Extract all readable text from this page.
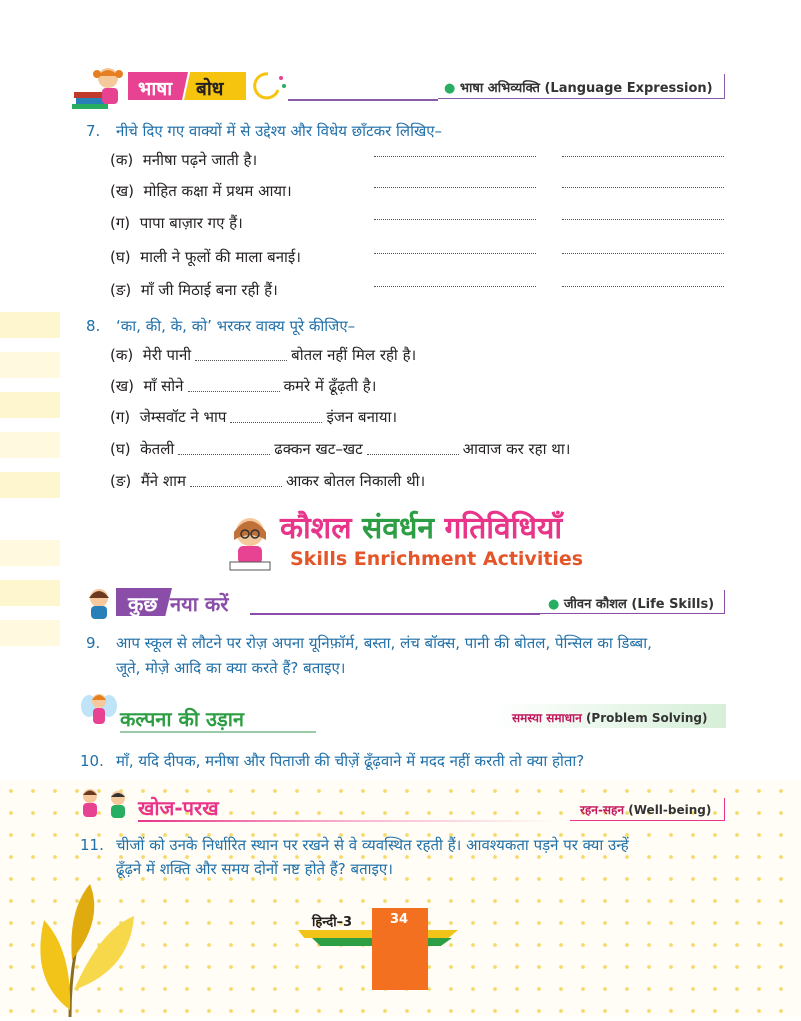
भाषा बोध	● भाषा अभिव्यक्ति (Language Expression)
7. नीचे दिए गए वाक्यों में से उद्देश्य और विधेय छाँटकर लिखिए–
(क) मनीषा पढ़ने जाती है।
(ख) मोहित कक्षा में प्रथम आया।
(ग) पापा बाज़ार गए हैं।
(घ) माली ने फूलों की माला बनाई।
(ङ) माँ जी मिठाई बना रही हैं।
8. ‘का, की, के, को’ भरकर वाक्य पूरे कीजिए–
(क) मेरी पानी	बोतल नहीं मिल रही है।
(ख) माँ सोने	कमरे में ढूँढ़ती है।
(ग) जेम्सवॉट ने भाप	इंजन बनाया।
(घ) केतली	ढक्कन खट–खट	आवाज कर रहा था।
(ङ) मैंने शाम	आकर बोतल निकाली थी।
कौशल संवर्धन गतिविधियाँ
Skills Enrichment Activities
कुछ नया करें	● जीवन कौशल (Life Skills)
9. आप स्कूल से लौटने पर रोज़ अपना यूनिफ़ॉर्म, बस्ता, लंच बॉक्स, पानी की बोतल, पेन्सिल का डिब्बा,
जूते, मोज़े आदि का क्या करते हैं? बताइए।
कल्पना की उड़ान	समस्या समाधान (Problem Solving)
10. माँ, यदि दीपक, मनीषा और पिताजी की चीज़ें ढूँढ़वाने में मदद नहीं करती तो क्या होता?
खोज-परख	रहन-सहन (Well-being)
11. चीजों को उनके निर्धारित स्थान पर रखने से वे व्यवस्थित रहती हैं। आवश्यकता पड़ने पर क्या उन्हें
ढूँढ़ने में शक्ति और समय दोनों नष्ट होते हैं? बताइए।
हिन्दी–3	34
